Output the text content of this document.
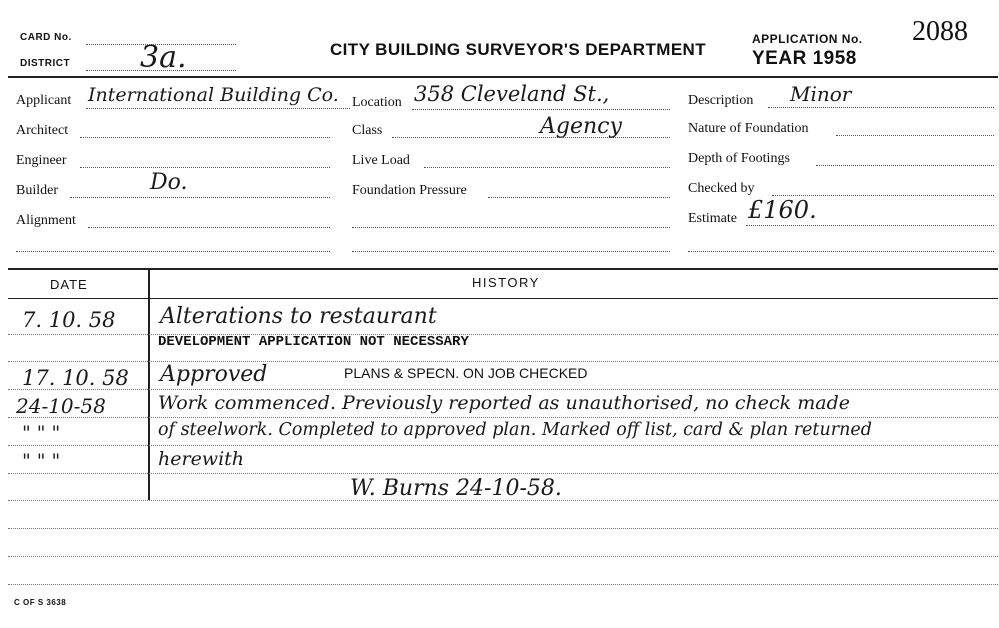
CARD No.
DISTRICT 3a.	CITY BUILDING SURVEYOR'S DEPARTMENT
APPLICATION No. 2088
YEAR 1958
Applicant International Building Co.
Architect
Engineer
Builder	Do.
Alignment
Location 358 Cleveland St.,
Class	Agency
Live Load
Foundation Pressure
Description Minor
Nature of Foundation
Depth of Footings
Checked by
Estimate £160.
DATE	HISTORY
7. 10. 58 Alterations to restaurant
DEVELOPMENT APPLICATION NOT NECESSARY
17. 10. 58 Approved	PLANS & SPECN. ON JOB CHECKED
24-10-58	Work commenced. Previously reported as unauthorised, no check made
" " "	of steelwork. Completed to approved plan. Marked off list, card & plan returned
" " "	herewith
W. Burns 24-10-58.
C OF S 3638
